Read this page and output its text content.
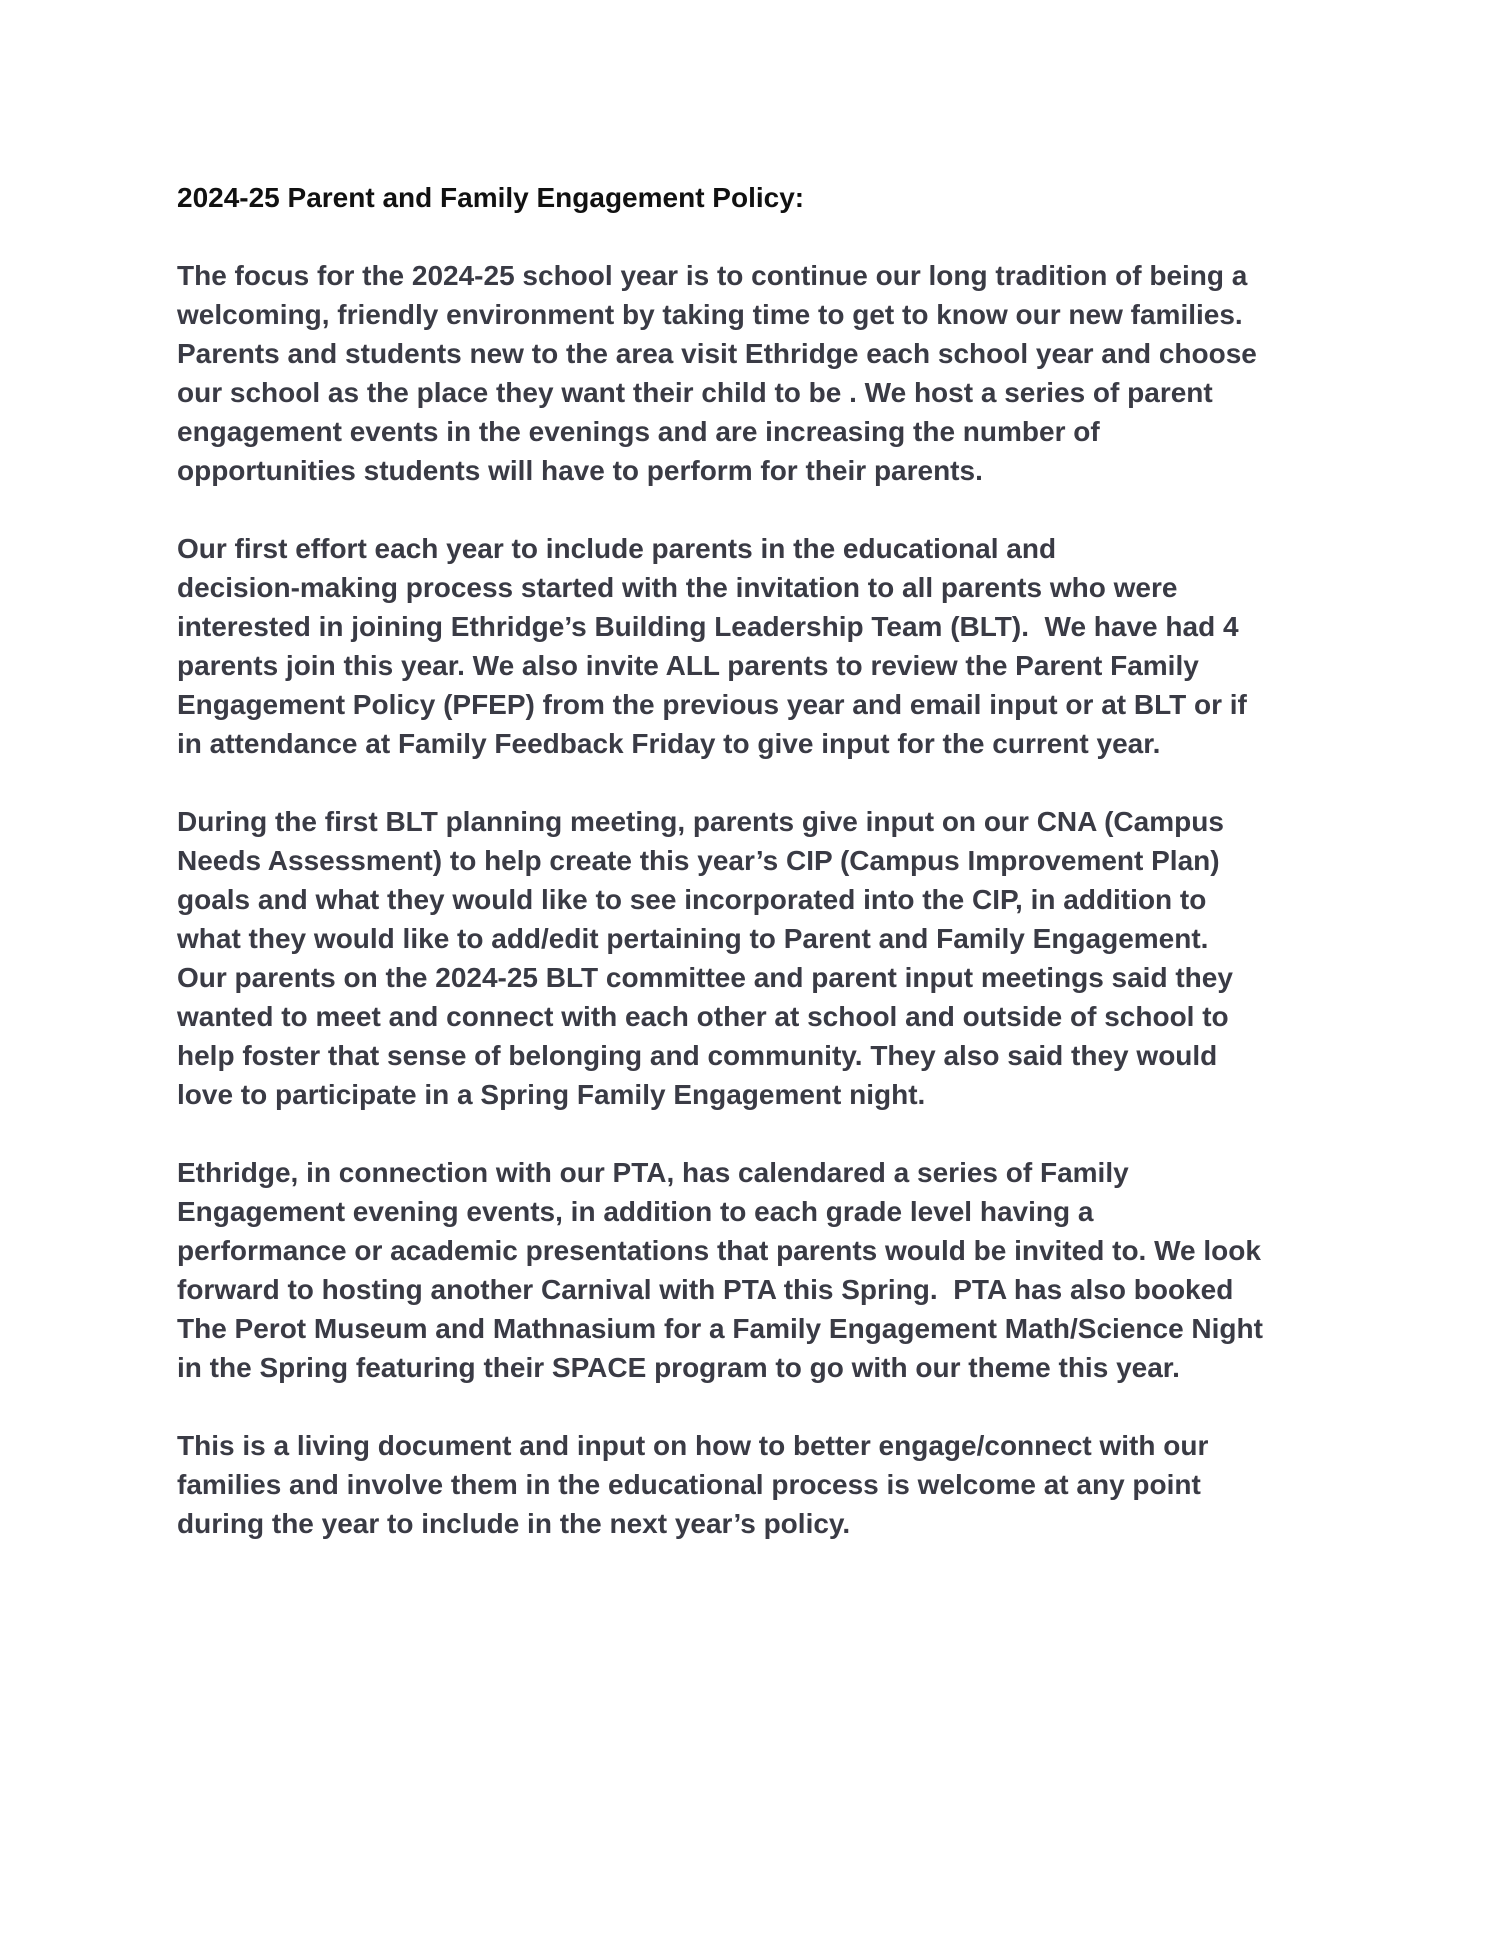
2024-25 Parent and Family Engagement Policy:
The focus for the 2024-25 school year is to continue our long tradition of being a
welcoming, friendly environment by taking time to get to know our new families.
Parents and students new to the area visit Ethridge each school year and choose
our school as the place they want their child to be . We host a series of parent
engagement events in the evenings and are increasing the number of
opportunities students will have to perform for their parents.
Our first effort each year to include parents in the educational and
decision-making process started with the invitation to all parents who were
interested in joining Ethridge’s Building Leadership Team (BLT).  We have had 4
parents join this year. We also invite ALL parents to review the Parent Family
Engagement Policy (PFEP) from the previous year and email input or at BLT or if
in attendance at Family Feedback Friday to give input for the current year.
During the first BLT planning meeting, parents give input on our CNA (Campus
Needs Assessment) to help create this year’s CIP (Campus Improvement Plan)
goals and what they would like to see incorporated into the CIP, in addition to
what they would like to add/edit pertaining to Parent and Family Engagement.
Our parents on the 2024-25 BLT committee and parent input meetings said they
wanted to meet and connect with each other at school and outside of school to
help foster that sense of belonging and community. They also said they would
love to participate in a Spring Family Engagement night.
Ethridge, in connection with our PTA, has calendared a series of Family
Engagement evening events, in addition to each grade level having a
performance or academic presentations that parents would be invited to. We look
forward to hosting another Carnival with PTA this Spring.  PTA has also booked
The Perot Museum and Mathnasium for a Family Engagement Math/Science Night
in the Spring featuring their SPACE program to go with our theme this year.
This is a living document and input on how to better engage/connect with our
families and involve them in the educational process is welcome at any point
during the year to include in the next year’s policy.
